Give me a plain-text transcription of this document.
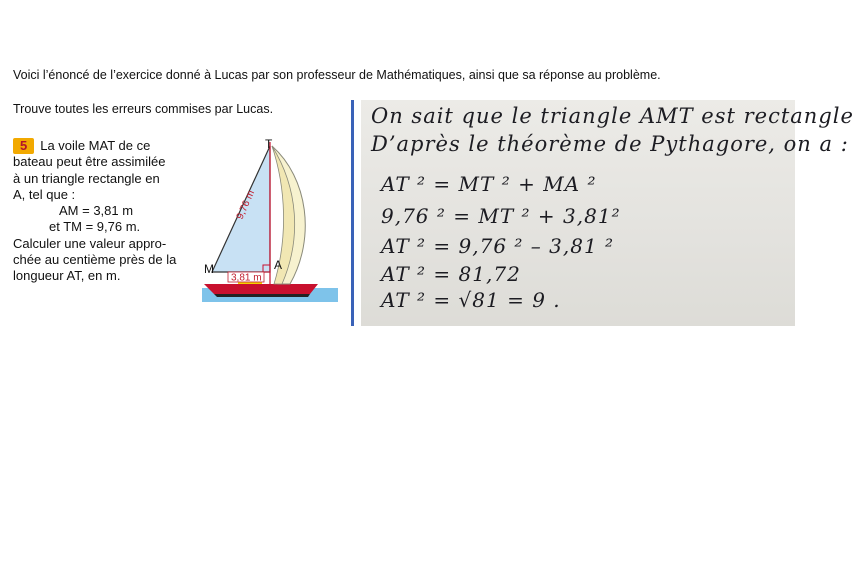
Voici l’énoncé de l’exercice donné à Lucas par son professeur de Mathématiques, ainsi que sa réponse au problème.
Trouve toutes les erreurs commises par Lucas.
5 La voile MAT de ce
bateau peut être assimilée
à un triangle rectangle en
A, tel que :
AM = 3,81 m
et TM = 9,76 m.
Calculer une valeur appro-
chée au centième près de la
longueur AT, en m.
T
M	A
3,81 m
9,76 m
On sait que le triangle AMT est rectangle
D’après le théorème de Pythagore, on a :
AT ² = MT ² + MA ²
9,76 ² = MT ² + 3,81²
AT ² = 9,76 ² – 3,81 ²
AT ² = 81,72
AT ² = √81 = 9 .
